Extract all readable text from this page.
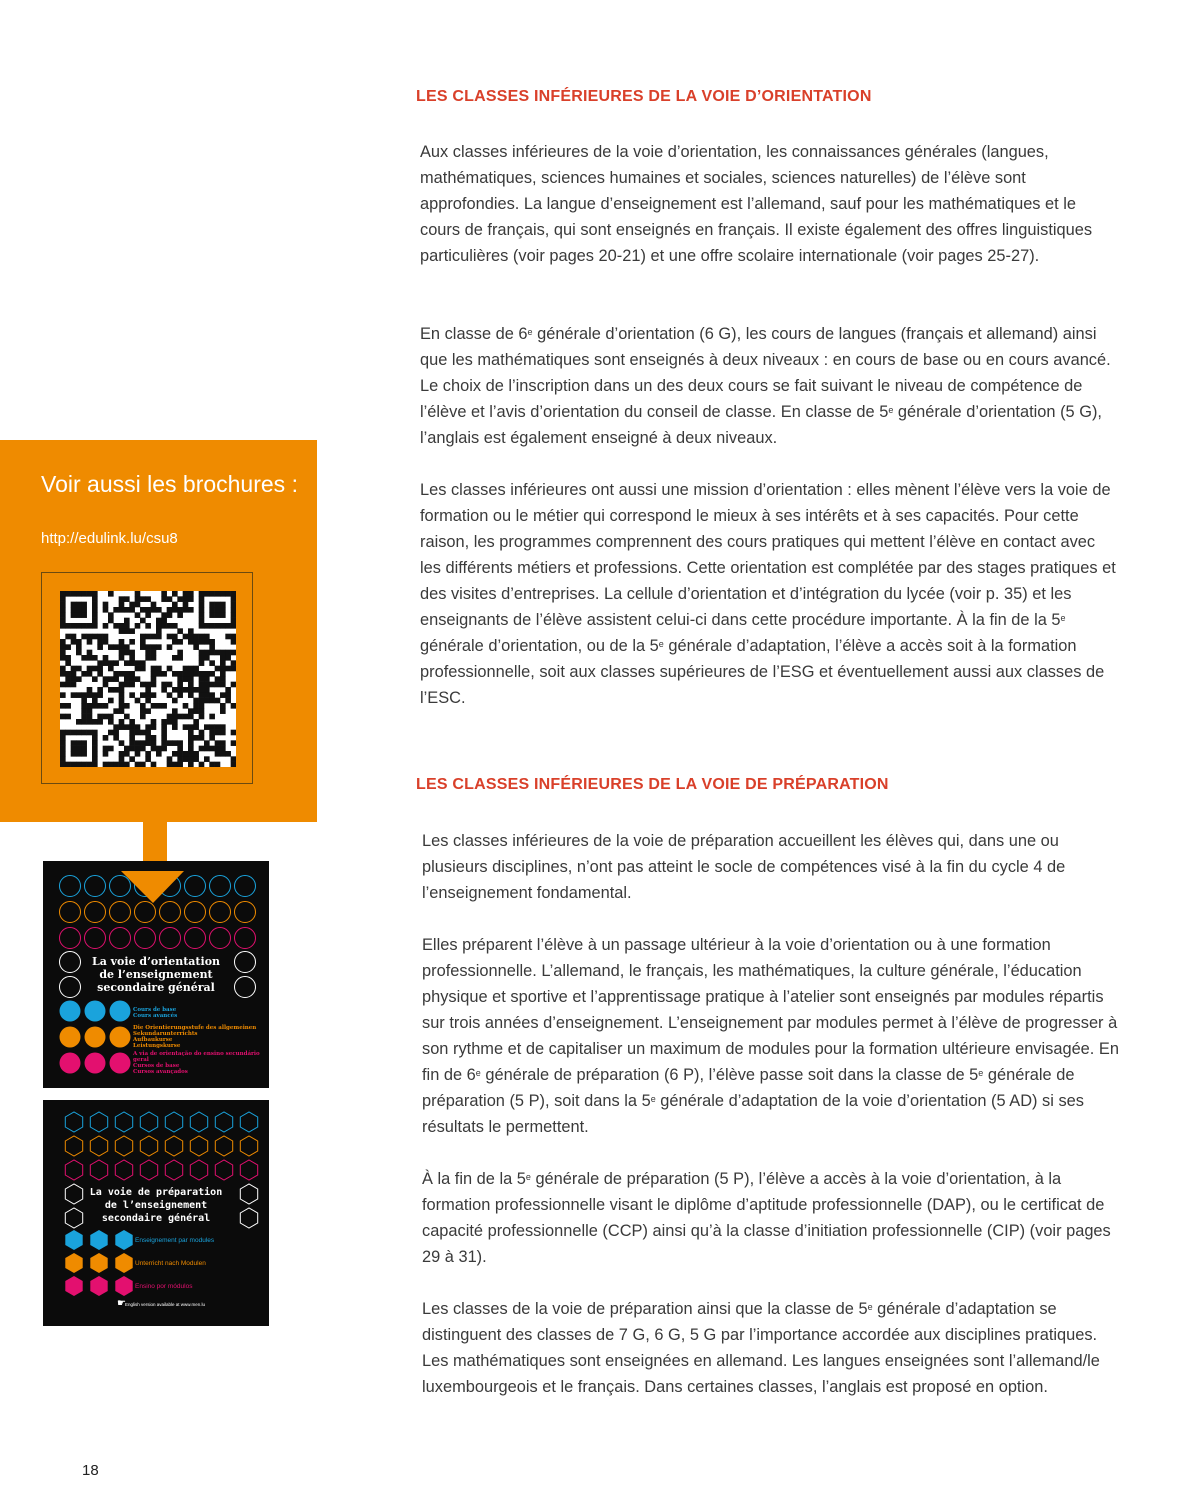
LES CLASSES INFÉRIEURES DE LA VOIE D’ORIENTATION

Aux classes inférieures de la voie d’orientation, les connaissances générales (langues, mathématiques, sciences humaines et sociales, sciences naturelles) de l’élève sont approfondies. La langue d’enseignement est l’allemand, sauf pour les mathématiques et le cours de français, qui sont enseignés en français. Il existe également des offres linguistiques particulières (voir pages 20-21) et une offre scolaire internationale (voir pages 25-27).

En classe de 6e générale d’orientation (6 G), les cours de langues (français et allemand) ainsi que les mathématiques sont enseignés à deux niveaux : en cours de base ou en cours avancé. Le choix de l’inscription dans un des deux cours se fait suivant le niveau de compétence de l’élève et l’avis d’orientation du conseil de classe. En classe de 5e générale d’orientation (5 G), l’anglais est également enseigné à deux niveaux.

Les classes inférieures ont aussi une mission d’orientation : elles mènent l’élève vers la voie de formation ou le métier qui correspond le mieux à ses intérêts et à ses capacités. Pour cette raison, les programmes comprennent des cours pratiques qui mettent l’élève en contact avec les différents métiers et professions. Cette orientation est complétée par des stages pratiques et des visites d’entreprises. La cellule d’orientation et d’intégration du lycée (voir p. 35) et les enseignants de l’élève assistent celui-ci dans cette procédure importante. À la fin de la 5e générale d’orientation, ou de la 5e générale d’adaptation, l’élève a accès soit à la formation professionnelle, soit aux classes supérieures de l’ESG et éventuellement aussi aux classes de l’ESC.

LES CLASSES INFÉRIEURES DE LA VOIE DE PRÉPARATION

Les classes inférieures de la voie de préparation accueillent les élèves qui, dans une ou plusieurs disciplines, n’ont pas atteint le socle de compétences visé à la fin du cycle 4 de l’enseignement fondamental.

Elles préparent l’élève à un passage ultérieur à la voie d’orientation ou à une formation professionnelle. L’allemand, le français, les mathématiques, la culture générale, l’éducation physique et sportive et l’apprentissage pratique à l’atelier sont enseignés par modules répartis sur trois années d’enseignement. L’enseignement par modules permet à l’élève de progresser à son rythme et de capitaliser un maximum de modules pour la formation ultérieure envisagée. En fin de 6e générale de préparation (6 P), l’élève passe soit dans la classe de 5e générale de préparation (5 P), soit dans la 5e générale d’adaptation de la voie d’orientation (5 AD) si ses résultats le permettent.

À la fin de la 5e générale de préparation (5 P), l’élève a accès à la voie d’orientation, à la formation professionnelle visant le diplôme d’aptitude professionnelle (DAP), ou le certificat de capacité professionnelle (CCP) ainsi qu’à la classe d’initiation professionnelle (CIP) (voir pages 29 à 31).

Les classes de la voie de préparation ainsi que la classe de 5e générale d’adaptation se distinguent des classes de 7 G, 6 G, 5 G par l’importance accordée aux disciplines pratiques. Les mathématiques sont enseignées en allemand. Les langues enseignées sont l’allemand/le luxembourgeois et le français. Dans certaines classes, l’anglais est proposé en option.

Voir aussi les brochures :

http://edulink.lu/csu8

La voie d’orientation

de l’enseignement

secondaire général

Cours de base
Cours avancés
Die Orientierungsstufe des allgemeinen
Sekundarunterrichts
Aufbaukurse
Leistungskurse
A via de orientação do ensino secundário geral
Cursos de base
Cursos avançados

La voie de préparation

de l’enseignement

secondaire général

Enseignement par modules

Unterricht nach Modulen

Ensino por módulos

English version available at www.men.lu

☛

18
